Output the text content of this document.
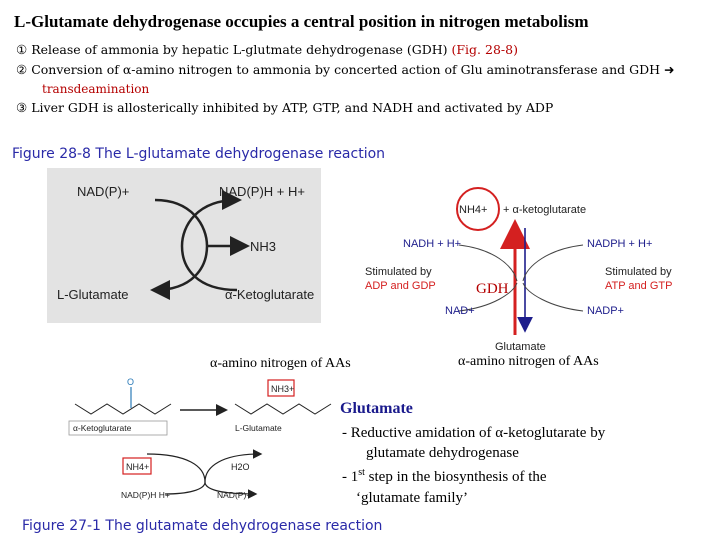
L-Glutamate dehydrogenase occupies a central position in nitrogen metabolism
① Release of ammonia by hepatic L-glutmate dehydrogenase (GDH) (Fig. 28-8)
② Conversion of α-amino nitrogen to ammonia by concerted action of Glu aminotransferase and GDH ➜
transdeamination
③ Liver GDH is allosterically inhibited by ATP, GTP, and NADH and activated by ADP
Figure 28-8 The L-glutamate dehydrogenase reaction
NAD(P)+	NAD(P)H + H+
NH3
L-Glutamate	α-Ketoglutarate
NH4+ + α-ketoglutarate
NADH + H+	NADPH + H+
Stimulated by
ADP and GDP	GDH
Stimulated by
ATP and GTP
NAD+	NADP+
Glutamate
α-amino nitrogen of AAs	α-amino nitrogen of AAs
O
α-Ketoglutarate	L-Glutamate
NH3+
NH4+	H2O
NAD(P)H H+	NAD(P)+
Figure 27-1 The glutamate dehydrogenase reaction
Glutamate
- Reductive amidation of α-ketoglutarate by
glutamate dehydrogenase
- 1st step in the biosynthesis of the
‘glutamate family’
